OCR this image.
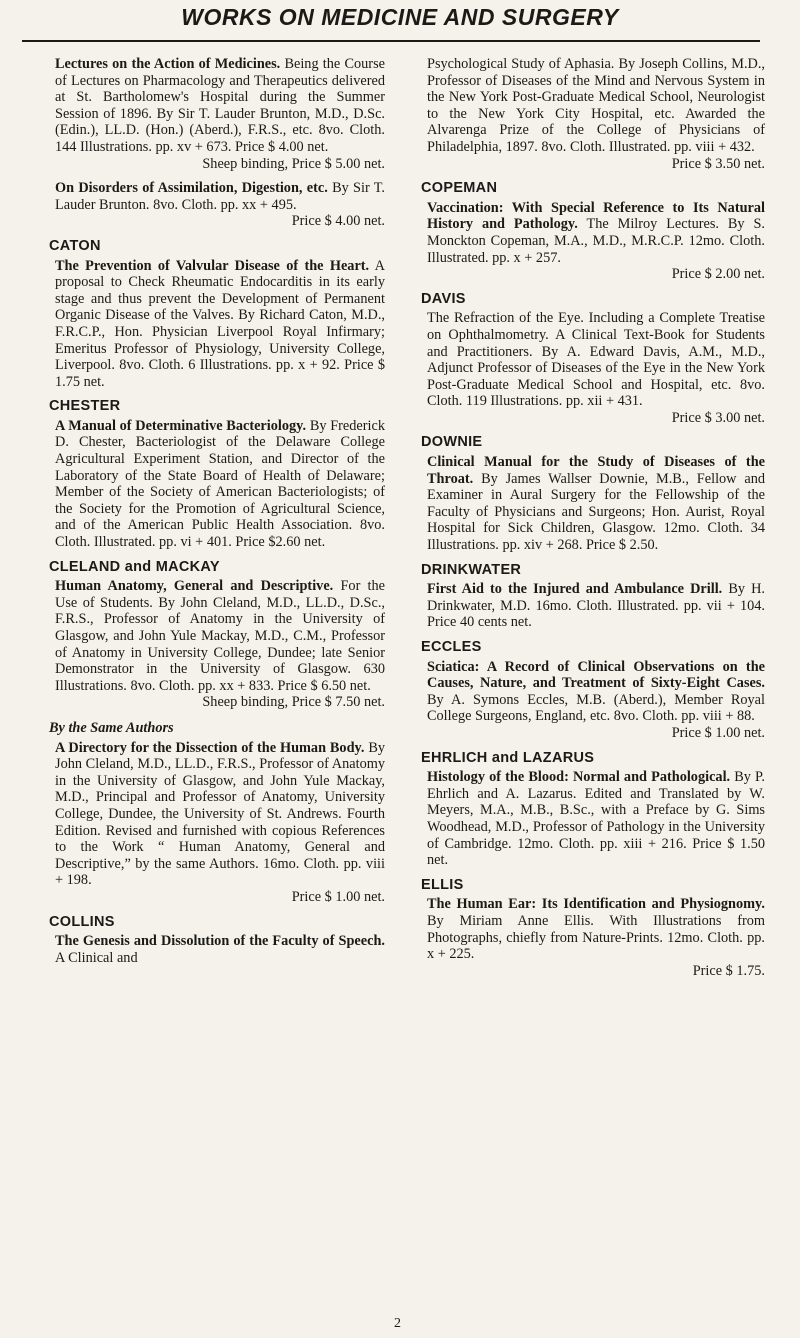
WORKS ON MEDICINE AND SURGERY
Lectures on the Action of Medicines. Being the Course of Lectures on Pharmacology and Therapeutics delivered at St. Bartholomew's Hospital during the Summer Session of 1896. By Sir T. Lauder Brunton, M.D., D.Sc. (Edin.), LL.D. (Hon.) (Aberd.), F.R.S., etc. 8vo. Cloth. 144 Illustrations. pp. xv + 673. Price $ 4.00 net.
Sheep binding, Price $ 5.00 net.
On Disorders of Assimilation, Digestion, etc. By Sir T. Lauder Brunton. 8vo. Cloth. pp. xx + 495.
Price $ 4.00 net.
CATON
The Prevention of Valvular Disease of the Heart. A proposal to Check Rheumatic Endocarditis in its early stage and thus prevent the Development of Permanent Organic Disease of the Valves. By Richard Caton, M.D., F.R.C.P., Hon. Physician Liverpool Royal Infirmary; Emeritus Professor of Physiology, University College, Liverpool. 8vo. Cloth. 6 Illustrations. pp. x + 92. Price $ 1.75 net.
CHESTER
A Manual of Determinative Bacteriology. By Frederick D. Chester, Bacteriologist of the Delaware College Agricultural Experiment Station, and Director of the Laboratory of the State Board of Health of Delaware; Member of the Society of American Bacteriologists; of the Society for the Promotion of Agricultural Science, and of the American Public Health Association. 8vo. Cloth. Illustrated. pp. vi + 401. Price $2.60 net.
CLELAND and MACKAY
Human Anatomy, General and Descriptive. For the Use of Students. By John Cleland, M.D., LL.D., D.Sc., F.R.S., Professor of Anatomy in the University of Glasgow, and John Yule Mackay, M.D., C.M., Professor of Anatomy in University College, Dundee; late Senior Demonstrator in the University of Glasgow. 630 Illustrations. 8vo. Cloth. pp. xx + 833. Price $ 6.50 net.
Sheep binding, Price $ 7.50 net.
By the Same Authors
A Directory for the Dissection of the Human Body. By John Cleland, M.D., LL.D., F.R.S., Professor of Anatomy in the University of Glasgow, and John Yule Mackay, M.D., Principal and Professor of Anatomy, University College, Dundee, the University of St. Andrews. Fourth Edition. Revised and furnished with copious References to the Work “ Human Anatomy, General and Descriptive,” by the same Authors. 16mo. Cloth. pp. viii + 198.
Price $ 1.00 net.
COLLINS
The Genesis and Dissolution of the Faculty of Speech. A Clinical and
Psychological Study of Aphasia. By Joseph Collins, M.D., Professor of Diseases of the Mind and Nervous System in the New York Post-Graduate Medical School, Neurologist to the New York City Hospital, etc. Awarded the Alvarenga Prize of the College of Physicians of Philadelphia, 1897. 8vo. Cloth. Illustrated. pp. viii + 432.
Price $ 3.50 net.
COPEMAN
Vaccination: With Special Reference to Its Natural History and Pathology. The Milroy Lectures. By S. Monckton Copeman, M.A., M.D., M.R.C.P. 12mo. Cloth. Illustrated. pp. x + 257.
Price $ 2.00 net.
DAVIS
The Refraction of the Eye. Including a Complete Treatise on Ophthalmometry. A Clinical Text-Book for Students and Practitioners. By A. Edward Davis, A.M., M.D., Adjunct Professor of Diseases of the Eye in the New York Post-Graduate Medical School and Hospital, etc. 8vo. Cloth. 119 Illustrations. pp. xii + 431.
Price $ 3.00 net.
DOWNIE
Clinical Manual for the Study of Diseases of the Throat. By James Wallser Downie, M.B., Fellow and Examiner in Aural Surgery for the Fellowship of the Faculty of Physicians and Surgeons; Hon. Aurist, Royal Hospital for Sick Children, Glasgow. 12mo. Cloth. 34 Illustrations. pp. xiv + 268. Price $ 2.50.
DRINKWATER
First Aid to the Injured and Ambulance Drill. By H. Drinkwater, M.D. 16mo. Cloth. Illustrated. pp. vii + 104. Price 40 cents net.
ECCLES
Sciatica: A Record of Clinical Observations on the Causes, Nature, and Treatment of Sixty-Eight Cases. By A. Symons Eccles, M.B. (Aberd.), Member Royal College Surgeons, England, etc. 8vo. Cloth. pp. viii + 88.
Price $ 1.00 net.
EHRLICH and LAZARUS
Histology of the Blood: Normal and Pathological. By P. Ehrlich and A. Lazarus. Edited and Translated by W. Meyers, M.A., M.B., B.Sc., with a Preface by G. Sims Woodhead, M.D., Professor of Pathology in the University of Cambridge. 12mo. Cloth. pp. xiii + 216. Price $ 1.50 net.
ELLIS
The Human Ear: Its Identification and Physiognomy. By Miriam Anne Ellis. With Illustrations from Photographs, chiefly from Nature-Prints. 12mo. Cloth. pp. x + 225.
Price $ 1.75.
2
